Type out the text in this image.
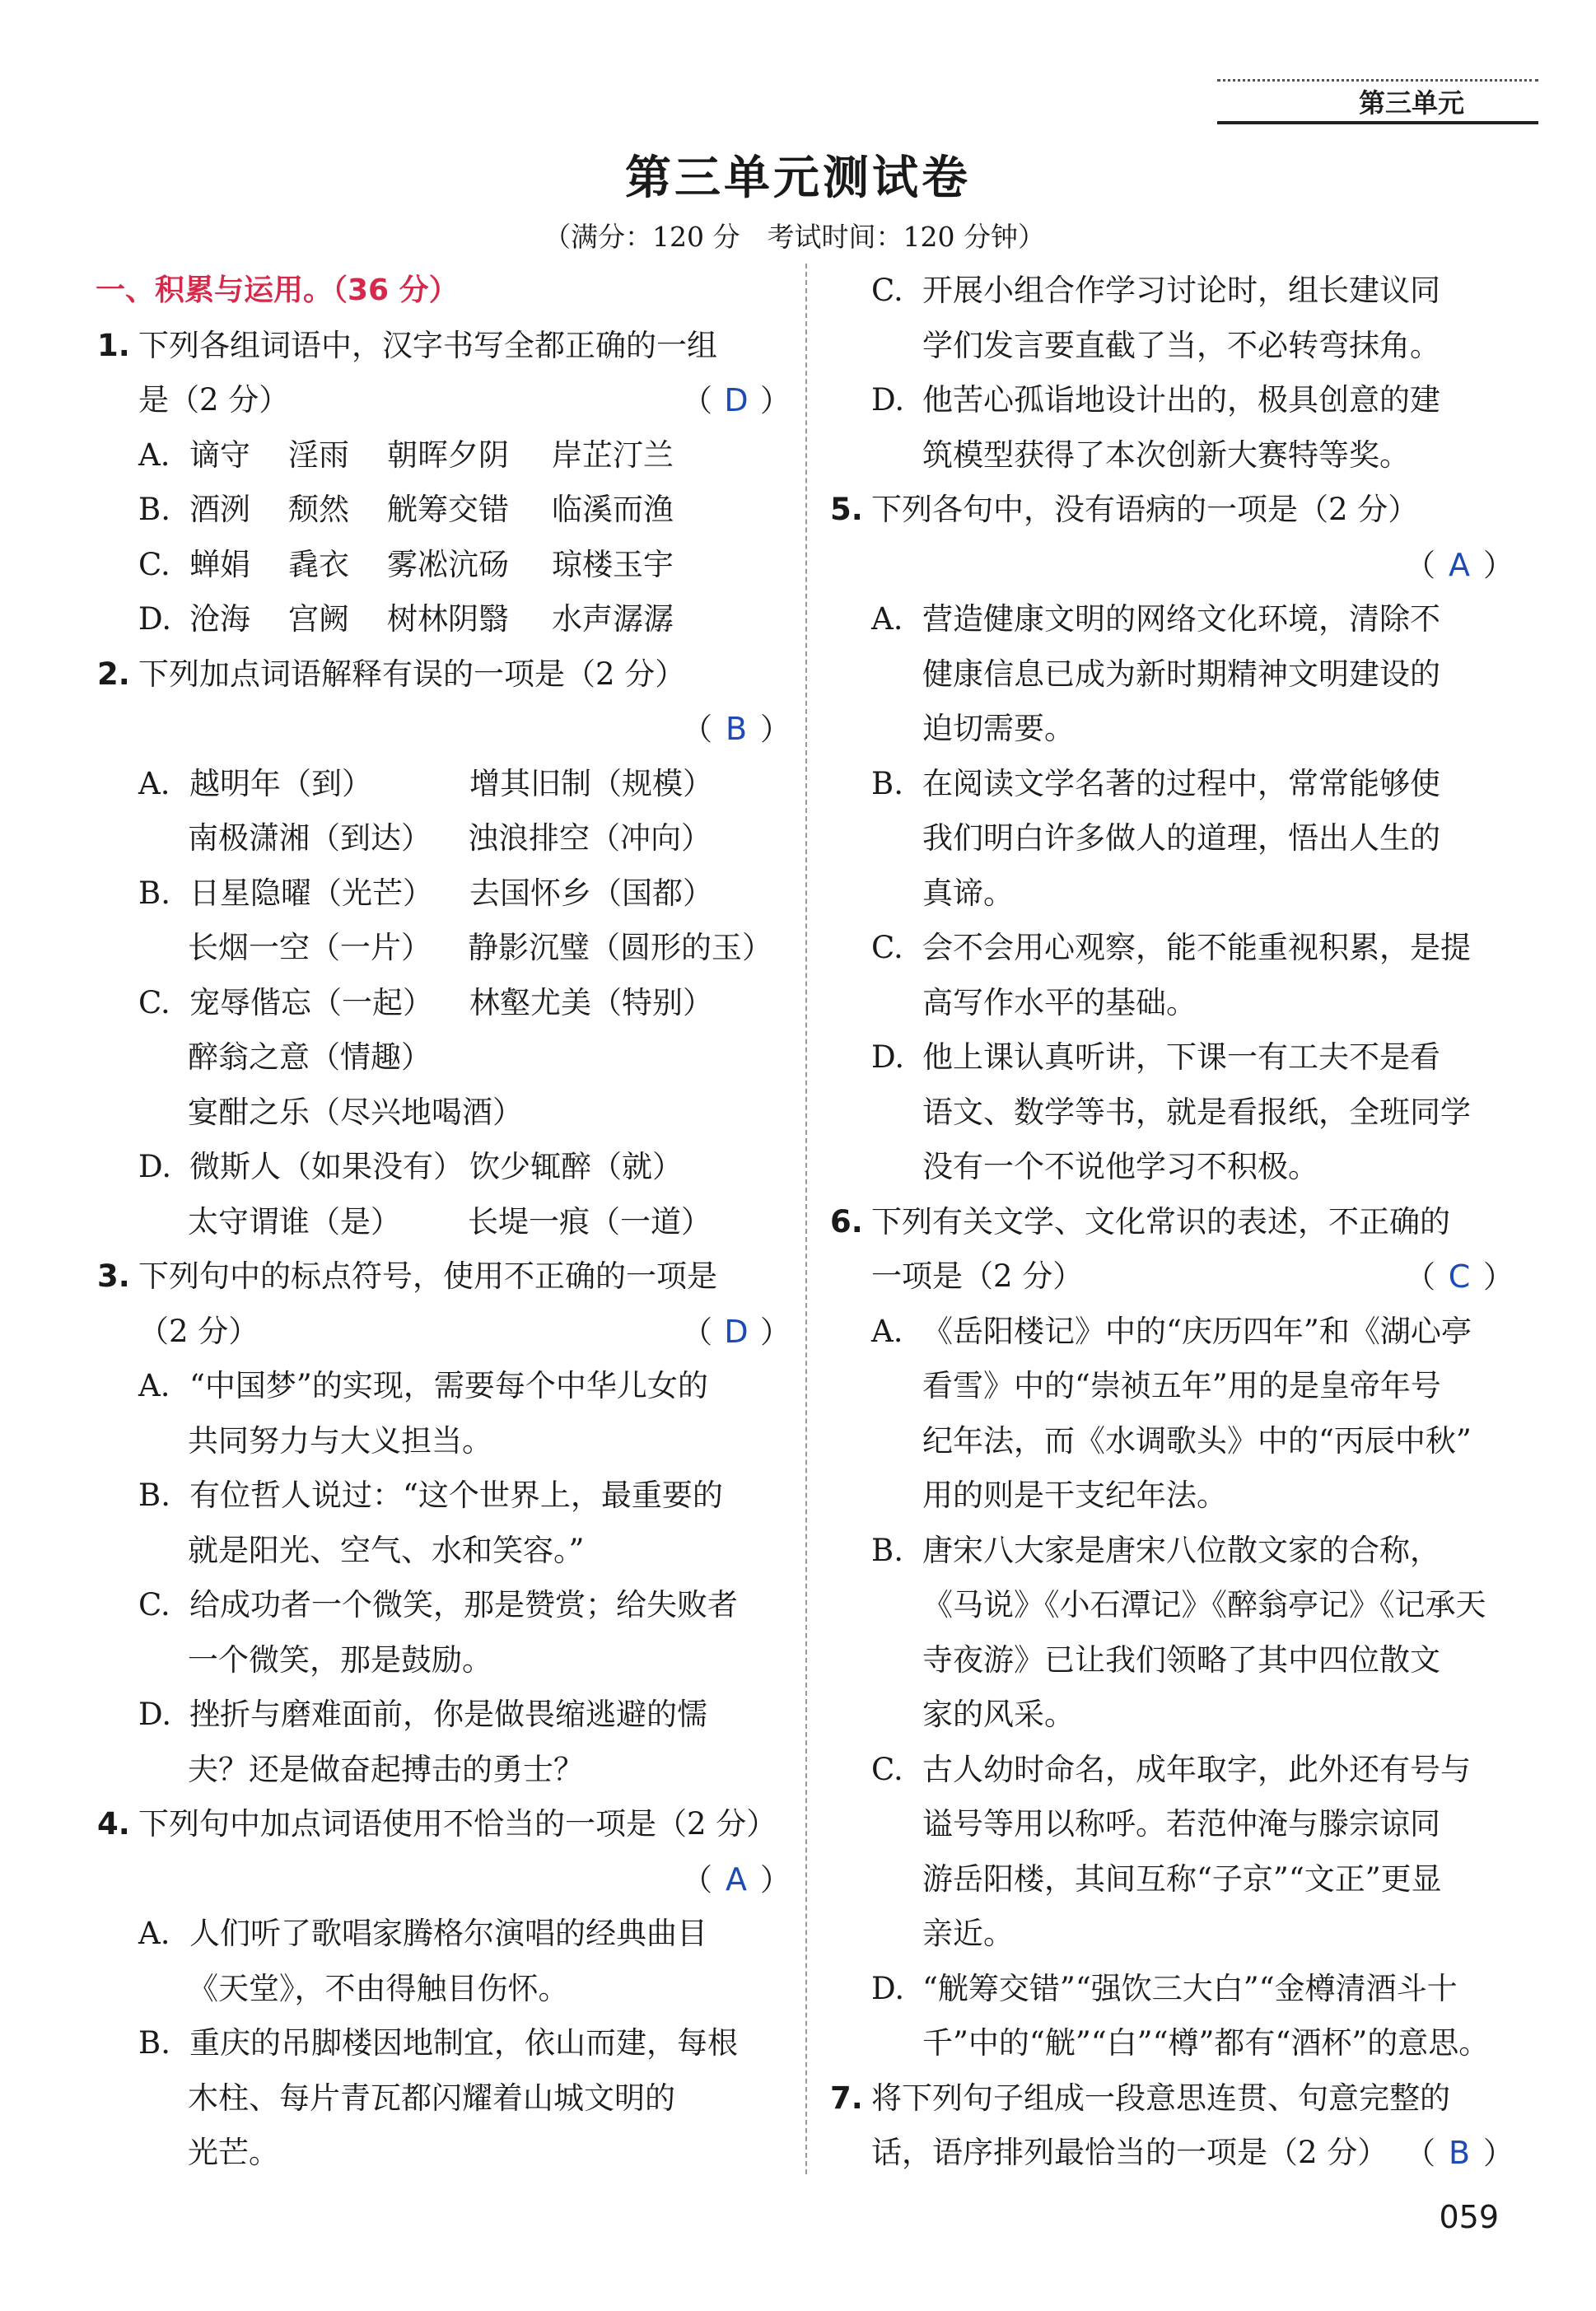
第三单元
第三单元测试卷
（满分：120 分　考试时间：120 分钟）
一、积累与运用。（36 分）
1. 下列各组词语中，汉字书写全都正确的一组
是（2 分）	（ D ）
A. 谪守 淫雨 朝晖夕阴 岸芷汀兰
B. 酒洌 颓然 觥筹交错 临溪而渔
C. 蝉娟 毳衣 雾凇沆砀 琼楼玉宇
D. 沧海 宫阙 树林阴翳 水声潺潺
2. 下列加点词语解释有误的一项是（2 分）
（ B ）
A. 越明年（到）	增其旧制（规模）
南极潇湘（到达） 浊浪排空（冲向）
B. 日星隐曜（光芒） 去国怀乡（国都）
长烟一空（一片） 静影沉璧（圆形的玉）
C. 宠辱偕忘（一起） 林壑尤美（特别）
醉翁之意（情趣）
宴酣之乐（尽兴地喝酒）
D. 微斯人（如果没有） 饮少辄醉（就）
太守谓谁（是） 长堤一痕（一道）
3. 下列句中的标点符号，使用不正确的一项是
（2 分）	（ D ）
A. “中国梦”的实现，需要每个中华儿女的
共同努力与大义担当。
B. 有位哲人说过：“这个世界上，最重要的
就是阳光、空气、水和笑容。”
C. 给成功者一个微笑，那是赞赏；给失败者
一个微笑，那是鼓励。
D. 挫折与磨难面前，你是做畏缩逃避的懦
夫？还是做奋起搏击的勇士？
4. 下列句中加点词语使用不恰当的一项是（2 分）
（ A ）
A. 人们听了歌唱家腾格尔演唱的经典曲目
《天堂》，不由得触目伤怀。
B. 重庆的吊脚楼因地制宜，依山而建，每根
木柱、每片青瓦都闪耀着山城文明的
光芒。
C. 开展小组合作学习讨论时，组长建议同
学们发言要直截了当，不必转弯抹角。
D. 他苦心孤诣地设计出的，极具创意的建
筑模型获得了本次创新大赛特等奖。
5. 下列各句中，没有语病的一项是（2 分）
（ A ）
A. 营造健康文明的网络文化环境，清除不
健康信息已成为新时期精神文明建设的
迫切需要。
B. 在阅读文学名著的过程中，常常能够使
我们明白许多做人的道理，悟出人生的
真谛。
C. 会不会用心观察，能不能重视积累，是提
高写作水平的基础。
D. 他上课认真听讲，下课一有工夫不是看
语文、数学等书，就是看报纸，全班同学
没有一个不说他学习不积极。
6. 下列有关文学、文化常识的表述，不正确的
一项是（2 分）	（ C ）
A. 《岳阳楼记》中的“庆历四年”和《湖心亭
看雪》中的“崇祯五年”用的是皇帝年号
纪年法，而《水调歌头》中的“丙辰中秋”
用的则是干支纪年法。
B. 唐宋八大家是唐宋八位散文家的合称，
《马说》《小石潭记》《醉翁亭记》《记承天
寺夜游》已让我们领略了其中四位散文
家的风采。
C. 古人幼时命名，成年取字，此外还有号与
谥号等用以称呼。若范仲淹与滕宗谅同
游岳阳楼，其间互称“子京”“文正”更显
亲近。
D. “觥筹交错”“强饮三大白”“金樽清酒斗十
千”中的“觥”“白”“樽”都有“酒杯”的意思。
7. 将下列句子组成一段意思连贯、句意完整的
话，语序排列最恰当的一项是（2 分） （ B ）
059
